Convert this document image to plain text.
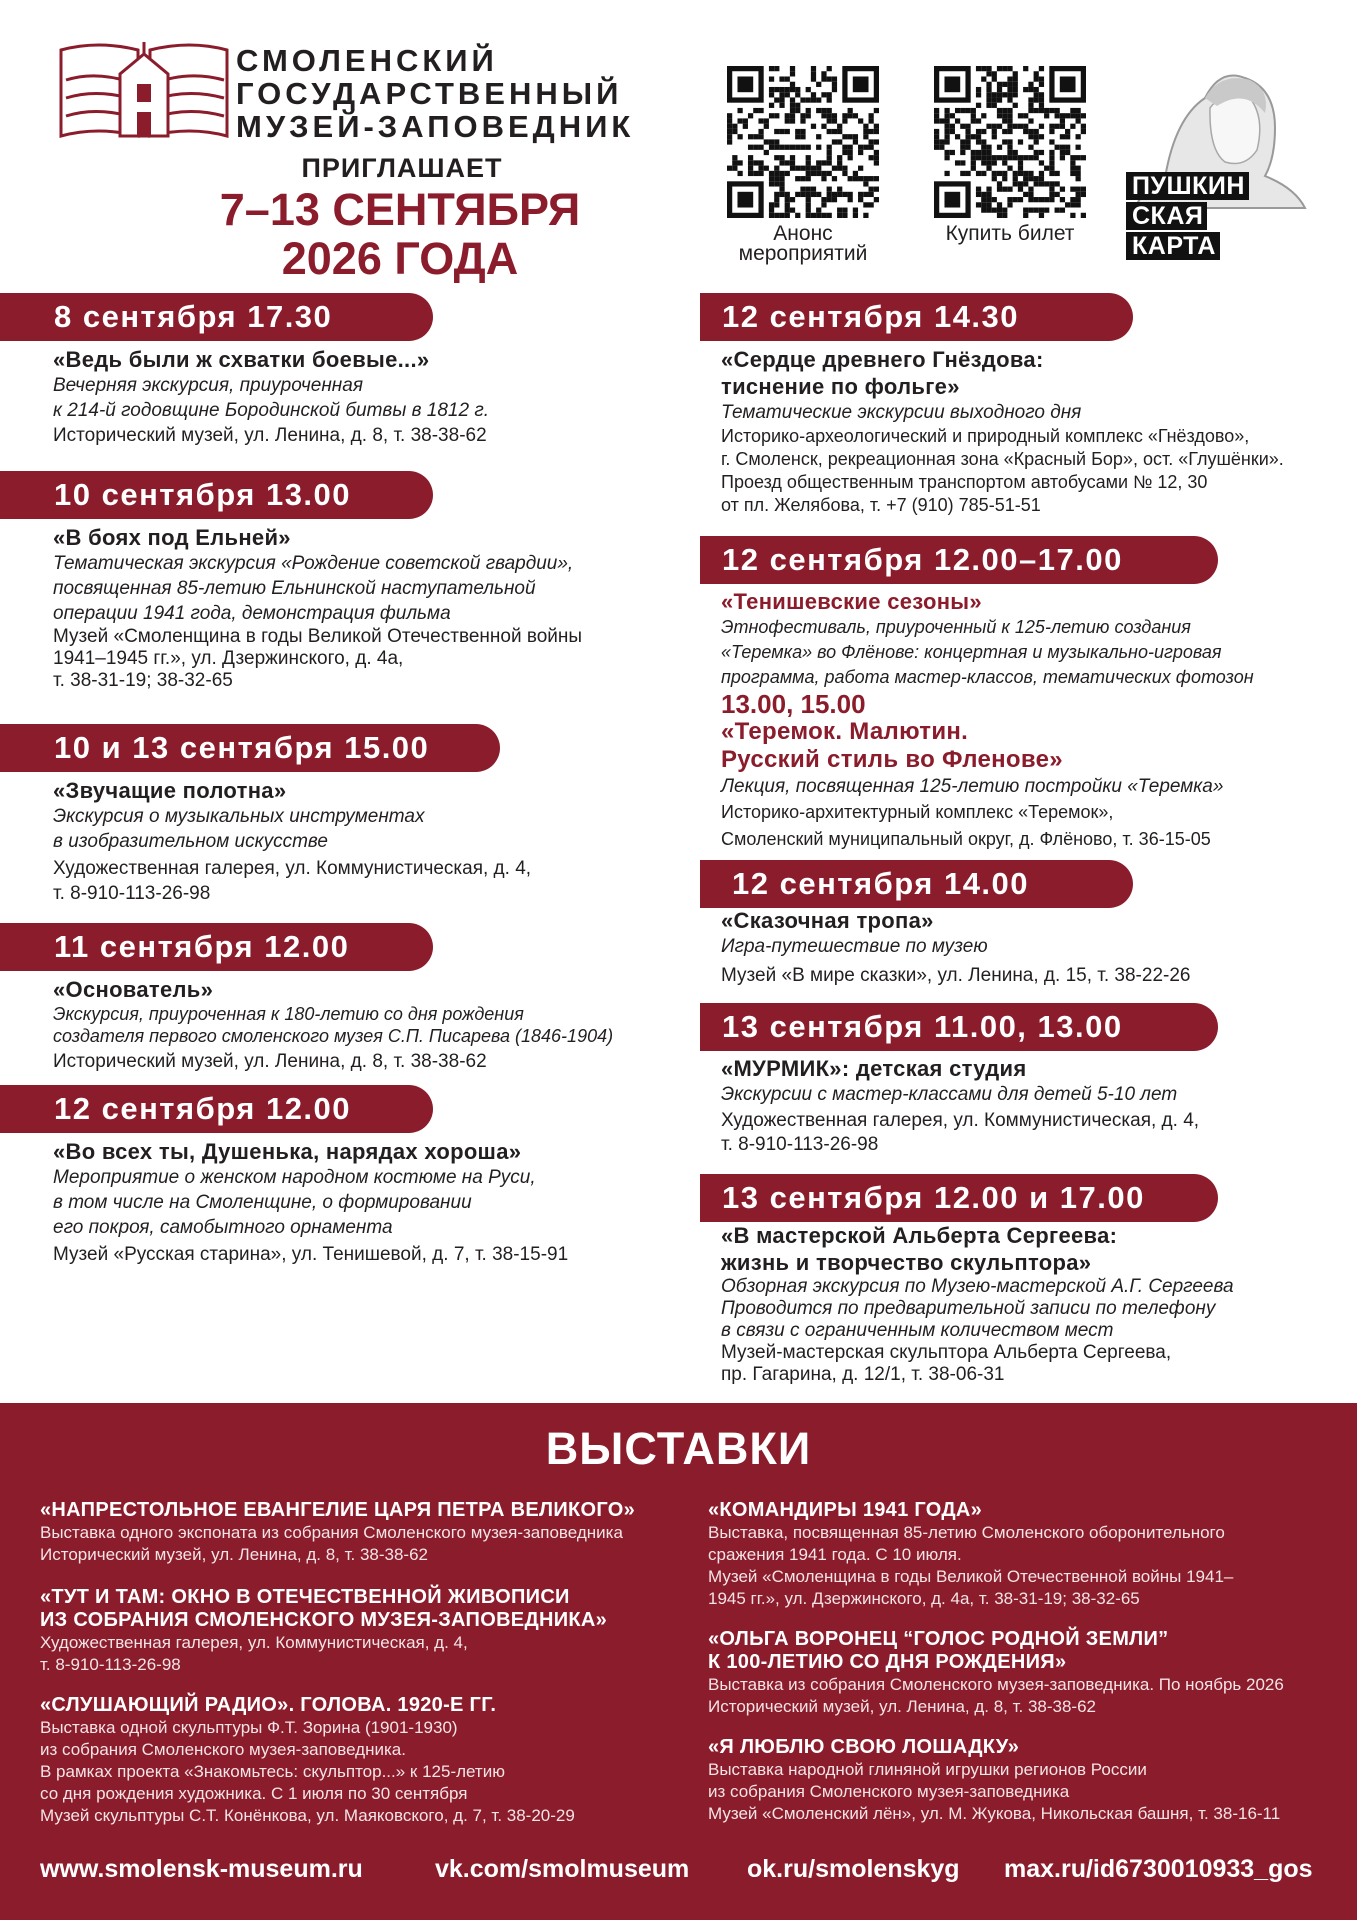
СМОЛЕНСКИЙ
ГОСУДАРСТВЕННЫЙ
МУЗЕЙ-ЗАПОВЕДНИК
ПРИГЛАШАЕТ
7–13 СЕНТЯБРЯ
2026 ГОДА	Анонс
мероприятий
Купить билет
ПУШКИН
СКАЯ
КАРТА
8 сентября 17.30
«Ведь были ж схватки боевые...»
Вечерняя экскурсия, приуроченная
к 214-й годовщине Бородинской битвы в 1812 г.
Исторический музей, ул. Ленина, д. 8, т. 38-38-62
10 сентября 13.00
«В боях под Ельней»
Тематическая экскурсия «Рождение советской гвардии»,
посвященная 85-летию Ельнинской наступательной
операции 1941 года, демонстрация фильма
Музей «Смоленщина в годы Великой Отечественной войны
1941–1945 гг.», ул. Дзержинского, д. 4а,
т. 38-31-19; 38-32-65
10 и 13 сентября 15.00
«Звучащие полотна»
Экскурсия о музыкальных инструментах
в изобразительном искусстве
Художественная галерея, ул. Коммунистическая, д. 4,
т. 8-910-113-26-98
11 сентября 12.00
«Основатель»
Экскурсия, приуроченная к 180-летию со дня рождения
создателя первого смоленского музея С.П. Писарева (1846-1904)
Исторический музей, ул. Ленина, д. 8, т. 38-38-62
12 сентября 12.00
«Во всех ты, Душенька, нарядах хороша»
Мероприятие о женском народном костюме на Руси,
в том числе на Смоленщине, о формировании
его покроя, самобытного орнамента
Музей «Русская старина», ул. Тенишевой, д. 7, т. 38-15-91
12 сентября 14.30
«Сердце древнего Гнёздова:
тиснение по фольге»
Тематические экскурсии выходного дня
Историко-археологический и природный комплекс «Гнёздово»,
г. Смоленск, рекреационная зона «Красный Бор», ост. «Глушёнки».
Проезд общественным транспортом автобусами № 12, 30
от пл. Желябова, т. +7 (910) 785-51-51
12 сентября 12.00–17.00
«Тенишевские сезоны»
Этнофестиваль, приуроченный к 125-летию создания
«Теремка» во Флёнове: концертная и музыкально-игровая
программа, работа мастер-классов, тематических фотозон
13.00, 15.00
«Теремок. Малютин.
Русский стиль во Фленове»
Лекция, посвященная 125-летию постройки «Теремка»
Историко-архитектурный комплекс «Теремок»,
Смоленский муниципальный округ, д. Флёново, т. 36-15-05
12 сентября 14.00
«Сказочная тропа»
Игра-путешествие по музею
Музей «В мире сказки», ул. Ленина, д. 15, т. 38-22-26
13 сентября 11.00, 13.00
«МУРМИК»: детская студия
Экскурсии с мастер-классами для детей 5-10 лет
Художественная галерея, ул. Коммунистическая, д. 4,
т. 8-910-113-26-98
13 сентября 12.00 и 17.00
«В мастерской Альберта Сергеева:
жизнь и творчество скульптора»
Обзорная экскурсия по Музею-мастерской А.Г. Сергеева
Проводится по предварительной записи по телефону
в связи с ограниченным количеством мест
Музей-мастерская скульптора Альберта Сергеева,
пр. Гагарина, д. 12/1, т. 38-06-31
ВЫСТАВКИ
«НАПРЕСТОЛЬНОЕ ЕВАНГЕЛИЕ ЦАРЯ ПЕТРА ВЕЛИКОГО»
Выставка одного экспоната из собрания Смоленского музея-заповедника
Исторический музей, ул. Ленина, д. 8, т. 38-38-62
«ТУТ И ТАМ: ОКНО В ОТЕЧЕСТВЕННОЙ ЖИВОПИСИ
ИЗ СОБРАНИЯ СМОЛЕНСКОГО МУЗЕЯ-ЗАПОВЕДНИКА»
Художественная галерея, ул. Коммунистическая, д. 4,
т. 8-910-113-26-98
«СЛУШАЮЩИЙ РАДИО». ГОЛОВА. 1920-Е ГГ.
Выставка одной скульптуры Ф.Т. Зорина (1901-1930)
из собрания Смоленского музея-заповедника.
В рамках проекта «Знакомьтесь: скульптор...» к 125-летию
со дня рождения художника. С 1 июля по 30 сентября
Музей скульптуры С.Т. Конёнкова, ул. Маяковского, д. 7, т. 38-20-29
«КОМАНДИРЫ 1941 ГОДА»
Выставка, посвященная 85-летию Смоленского оборонительного
сражения 1941 года. С 10 июля.
Музей «Смоленщина в годы Великой Отечественной войны 1941–
1945 гг.», ул. Дзержинского, д. 4а, т. 38-31-19; 38-32-65
«ОЛЬГА ВОРОНЕЦ “ГОЛОС РОДНОЙ ЗЕМЛИ”
К 100-ЛЕТИЮ СО ДНЯ РОЖДЕНИЯ»
Выставка из собрания Смоленского музея-заповедника. По ноябрь 2026
Исторический музей, ул. Ленина, д. 8, т. 38-38-62
«Я ЛЮБЛЮ СВОЮ ЛОШАДКУ»
Выставка народной глиняной игрушки регионов России
из собрания Смоленского музея-заповедника
Музей «Смоленский лён», ул. М. Жукова, Никольская башня, т. 38-16-11
www.smolensk-museum.ru	vk.com/smolmuseum ok.ru/smolenskyg max.ru/id6730010933_gos
